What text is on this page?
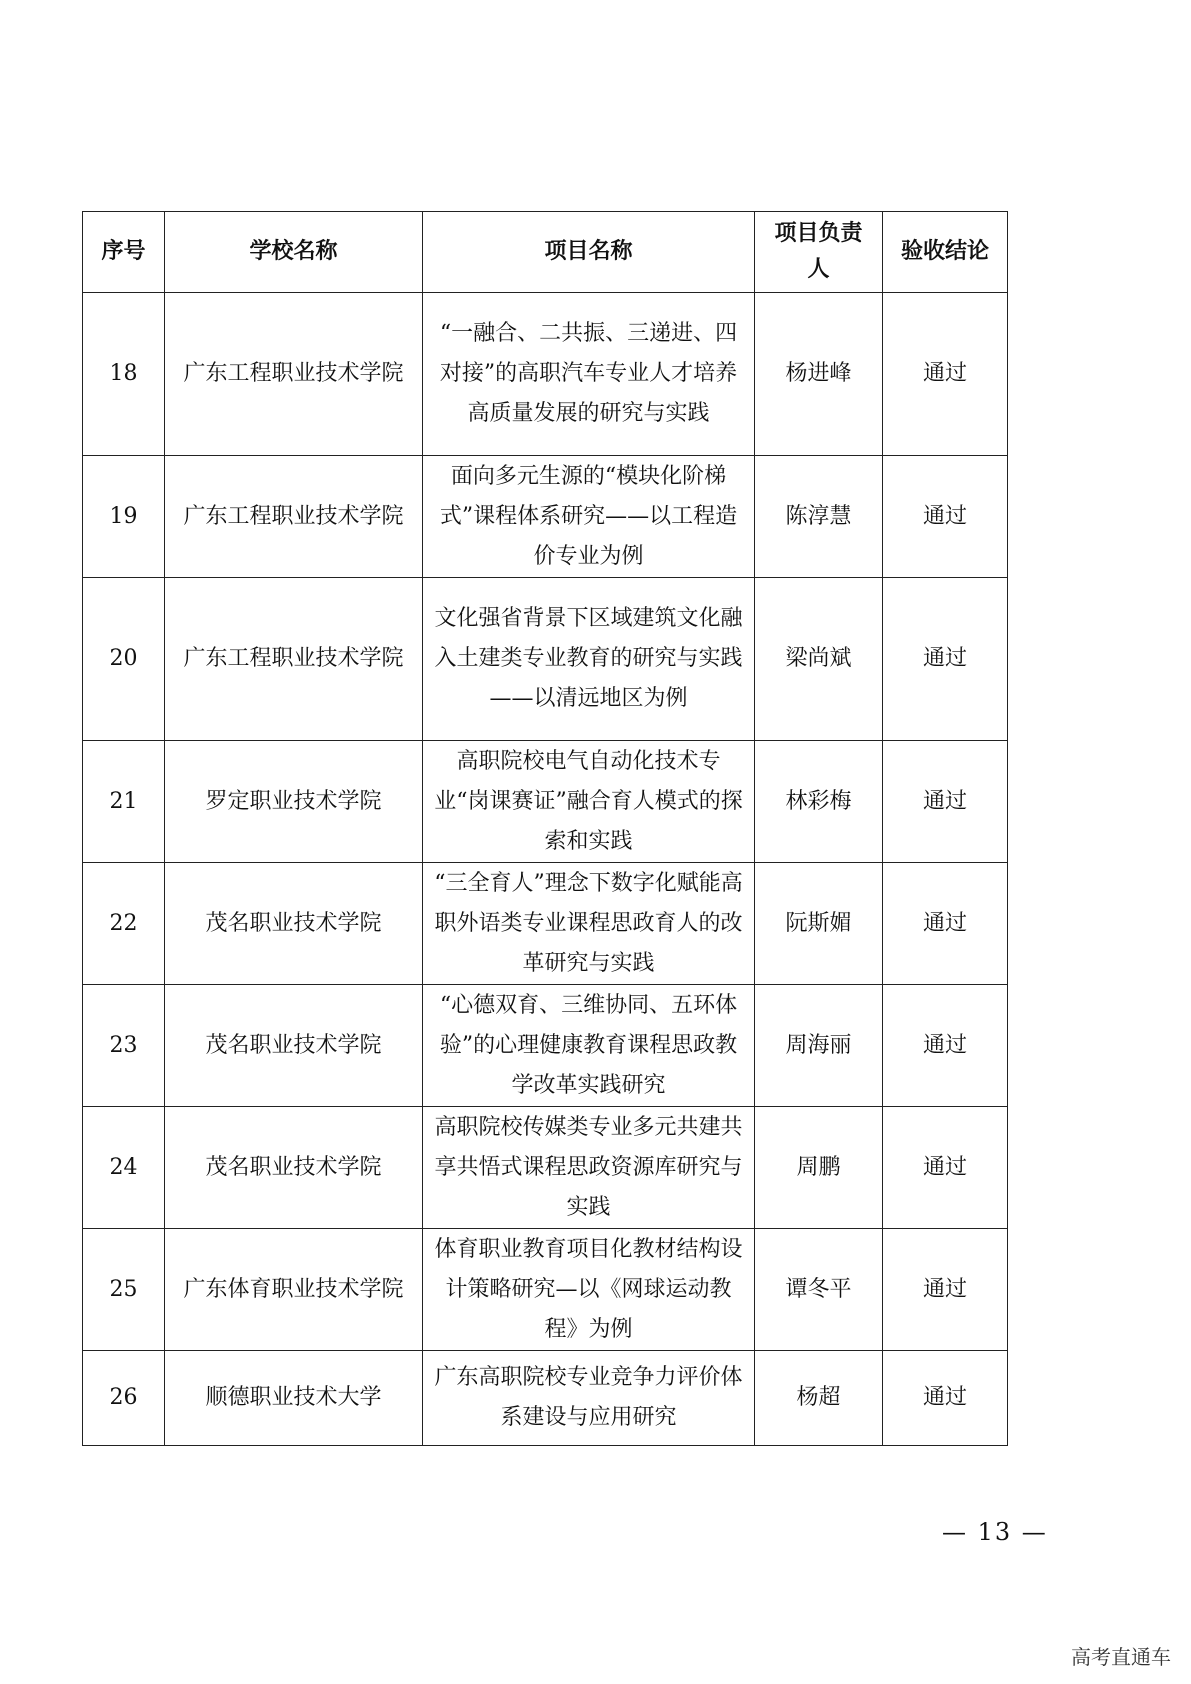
序号	学校名称	项目名称	项目负责人	验收结论
18	广东工程职业技术学院	“一融合、二共振、三递进、四对接”的高职汽车专业人才培养高质量发展的研究与实践	杨进峰	通过
19	广东工程职业技术学院	面向多元生源的“模块化阶梯式”课程体系研究——以工程造价专业为例	陈淳慧	通过
20	广东工程职业技术学院	文化强省背景下区域建筑文化融入土建类专业教育的研究与实践——以清远地区为例	梁尚斌	通过
21	罗定职业技术学院	高职院校电气自动化技术专业“岗课赛证”融合育人模式的探索和实践	林彩梅	通过
22	茂名职业技术学院	“三全育人”理念下数字化赋能高职外语类专业课程思政育人的改革研究与实践	阮斯媚	通过
23	茂名职业技术学院	“心德双育、三维协同、五环体验”的心理健康教育课程思政教学改革实践研究	周海丽	通过
24	茂名职业技术学院	高职院校传媒类专业多元共建共享共悟式课程思政资源库研究与实践	周鹏	通过
25	广东体育职业技术学院	体育职业教育项目化教材结构设计策略研究—以《网球运动教程》为例	谭冬平	通过
26	顺德职业技术大学	广东高职院校专业竞争力评价体系建设与应用研究	杨超	通过
— 13 —
高考直通车
